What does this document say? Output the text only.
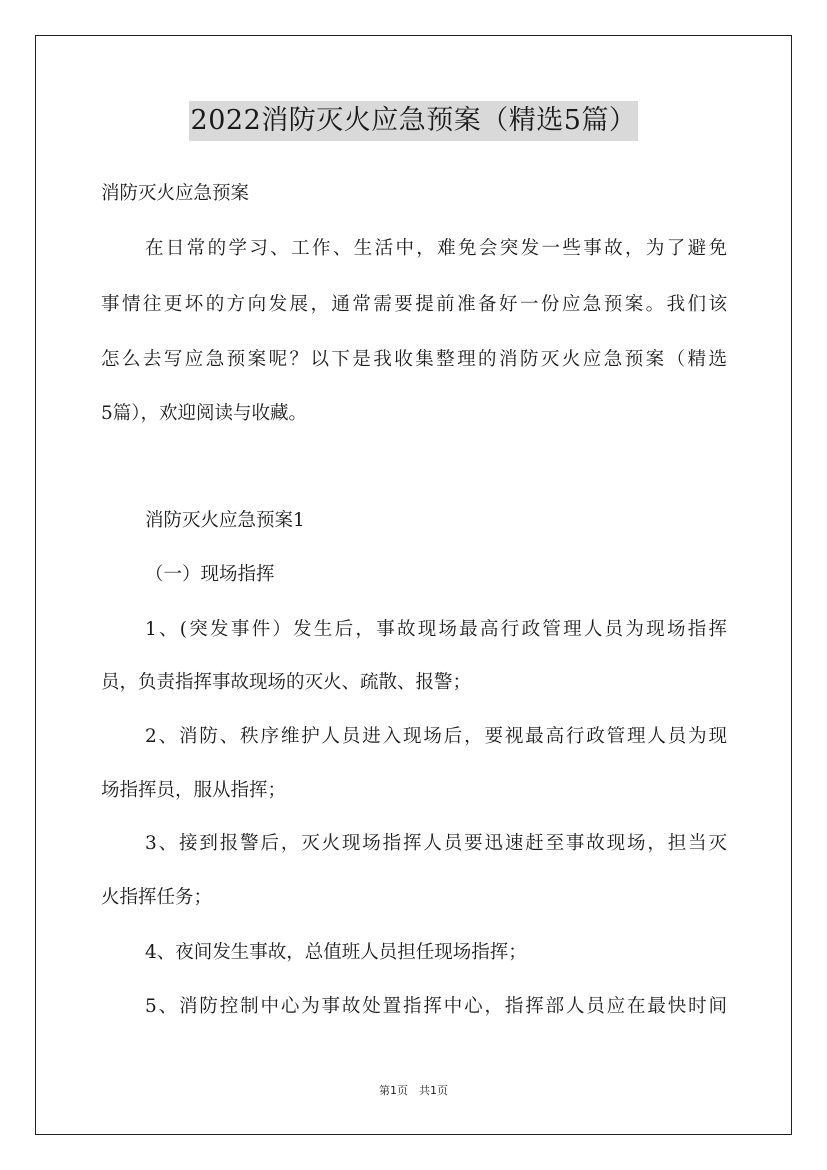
2022消防灭火应急预案（精选5篇）
消防灭火应急预案
在日常的学习、工作、生活中，难免会突发一些事故，为了避免
事情往更坏的方向发展，通常需要提前准备好一份应急预案。我们该
怎么去写应急预案呢？以下是我收集整理的消防灭火应急预案（精选
5篇），欢迎阅读与收藏。
消防灭火应急预案1
（一）现场指挥
1、(突发事件）发生后，事故现场最高行政管理人员为现场指挥
员，负责指挥事故现场的灭火、疏散、报警；
2、消防、秩序维护人员进入现场后，要视最高行政管理人员为现
场指挥员，服从指挥；
3、接到报警后，灭火现场指挥人员要迅速赶至事故现场，担当灭
火指挥任务；
4、夜间发生事故，总值班人员担任现场指挥；
5、消防控制中心为事故处置指挥中心，指挥部人员应在最快时间
第1页　共1页
